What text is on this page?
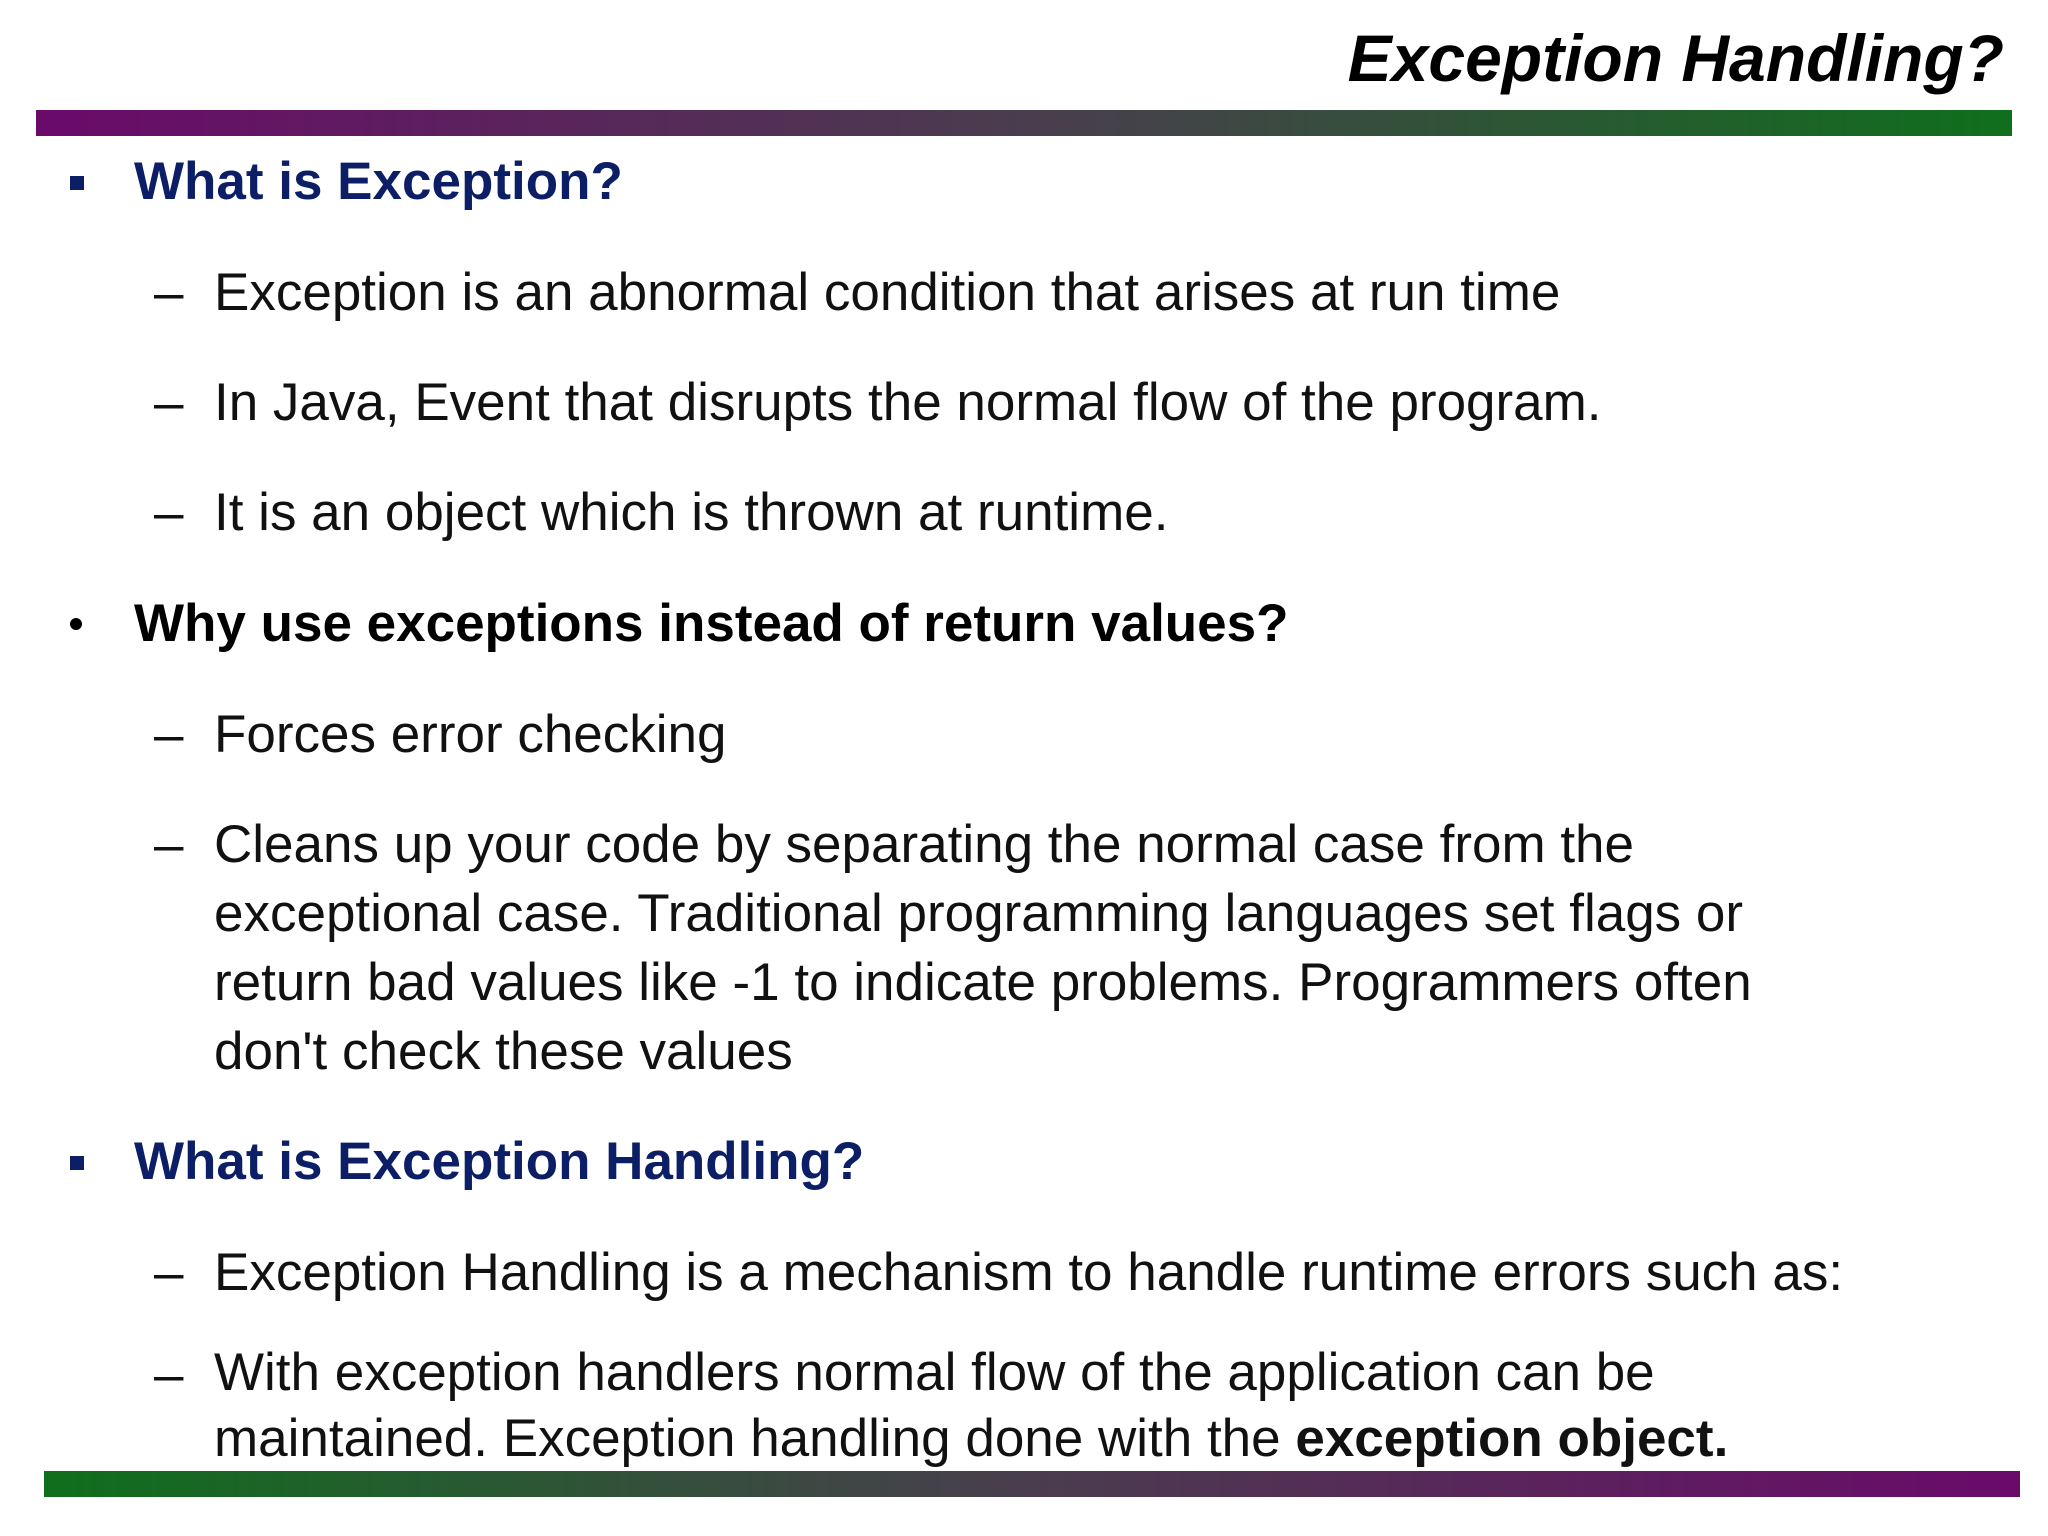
Exception Handling?
What is Exception?
– Exception is an abnormal condition that arises at run time
– In Java, Event that disrupts the normal flow of the program.
– It is an object which is thrown at runtime.
Why use exceptions instead of return values?
– Forces error checking
– Cleans up your code by separating the normal case from the
exceptional case. Traditional programming languages set flags or
return bad values like -1 to indicate problems. Programmers often
don't check these values
What is Exception Handling?
– Exception Handling is a mechanism to handle runtime errors such as:
– With exception handlers normal flow of the application can be
maintained. Exception handling done with the exception object.
